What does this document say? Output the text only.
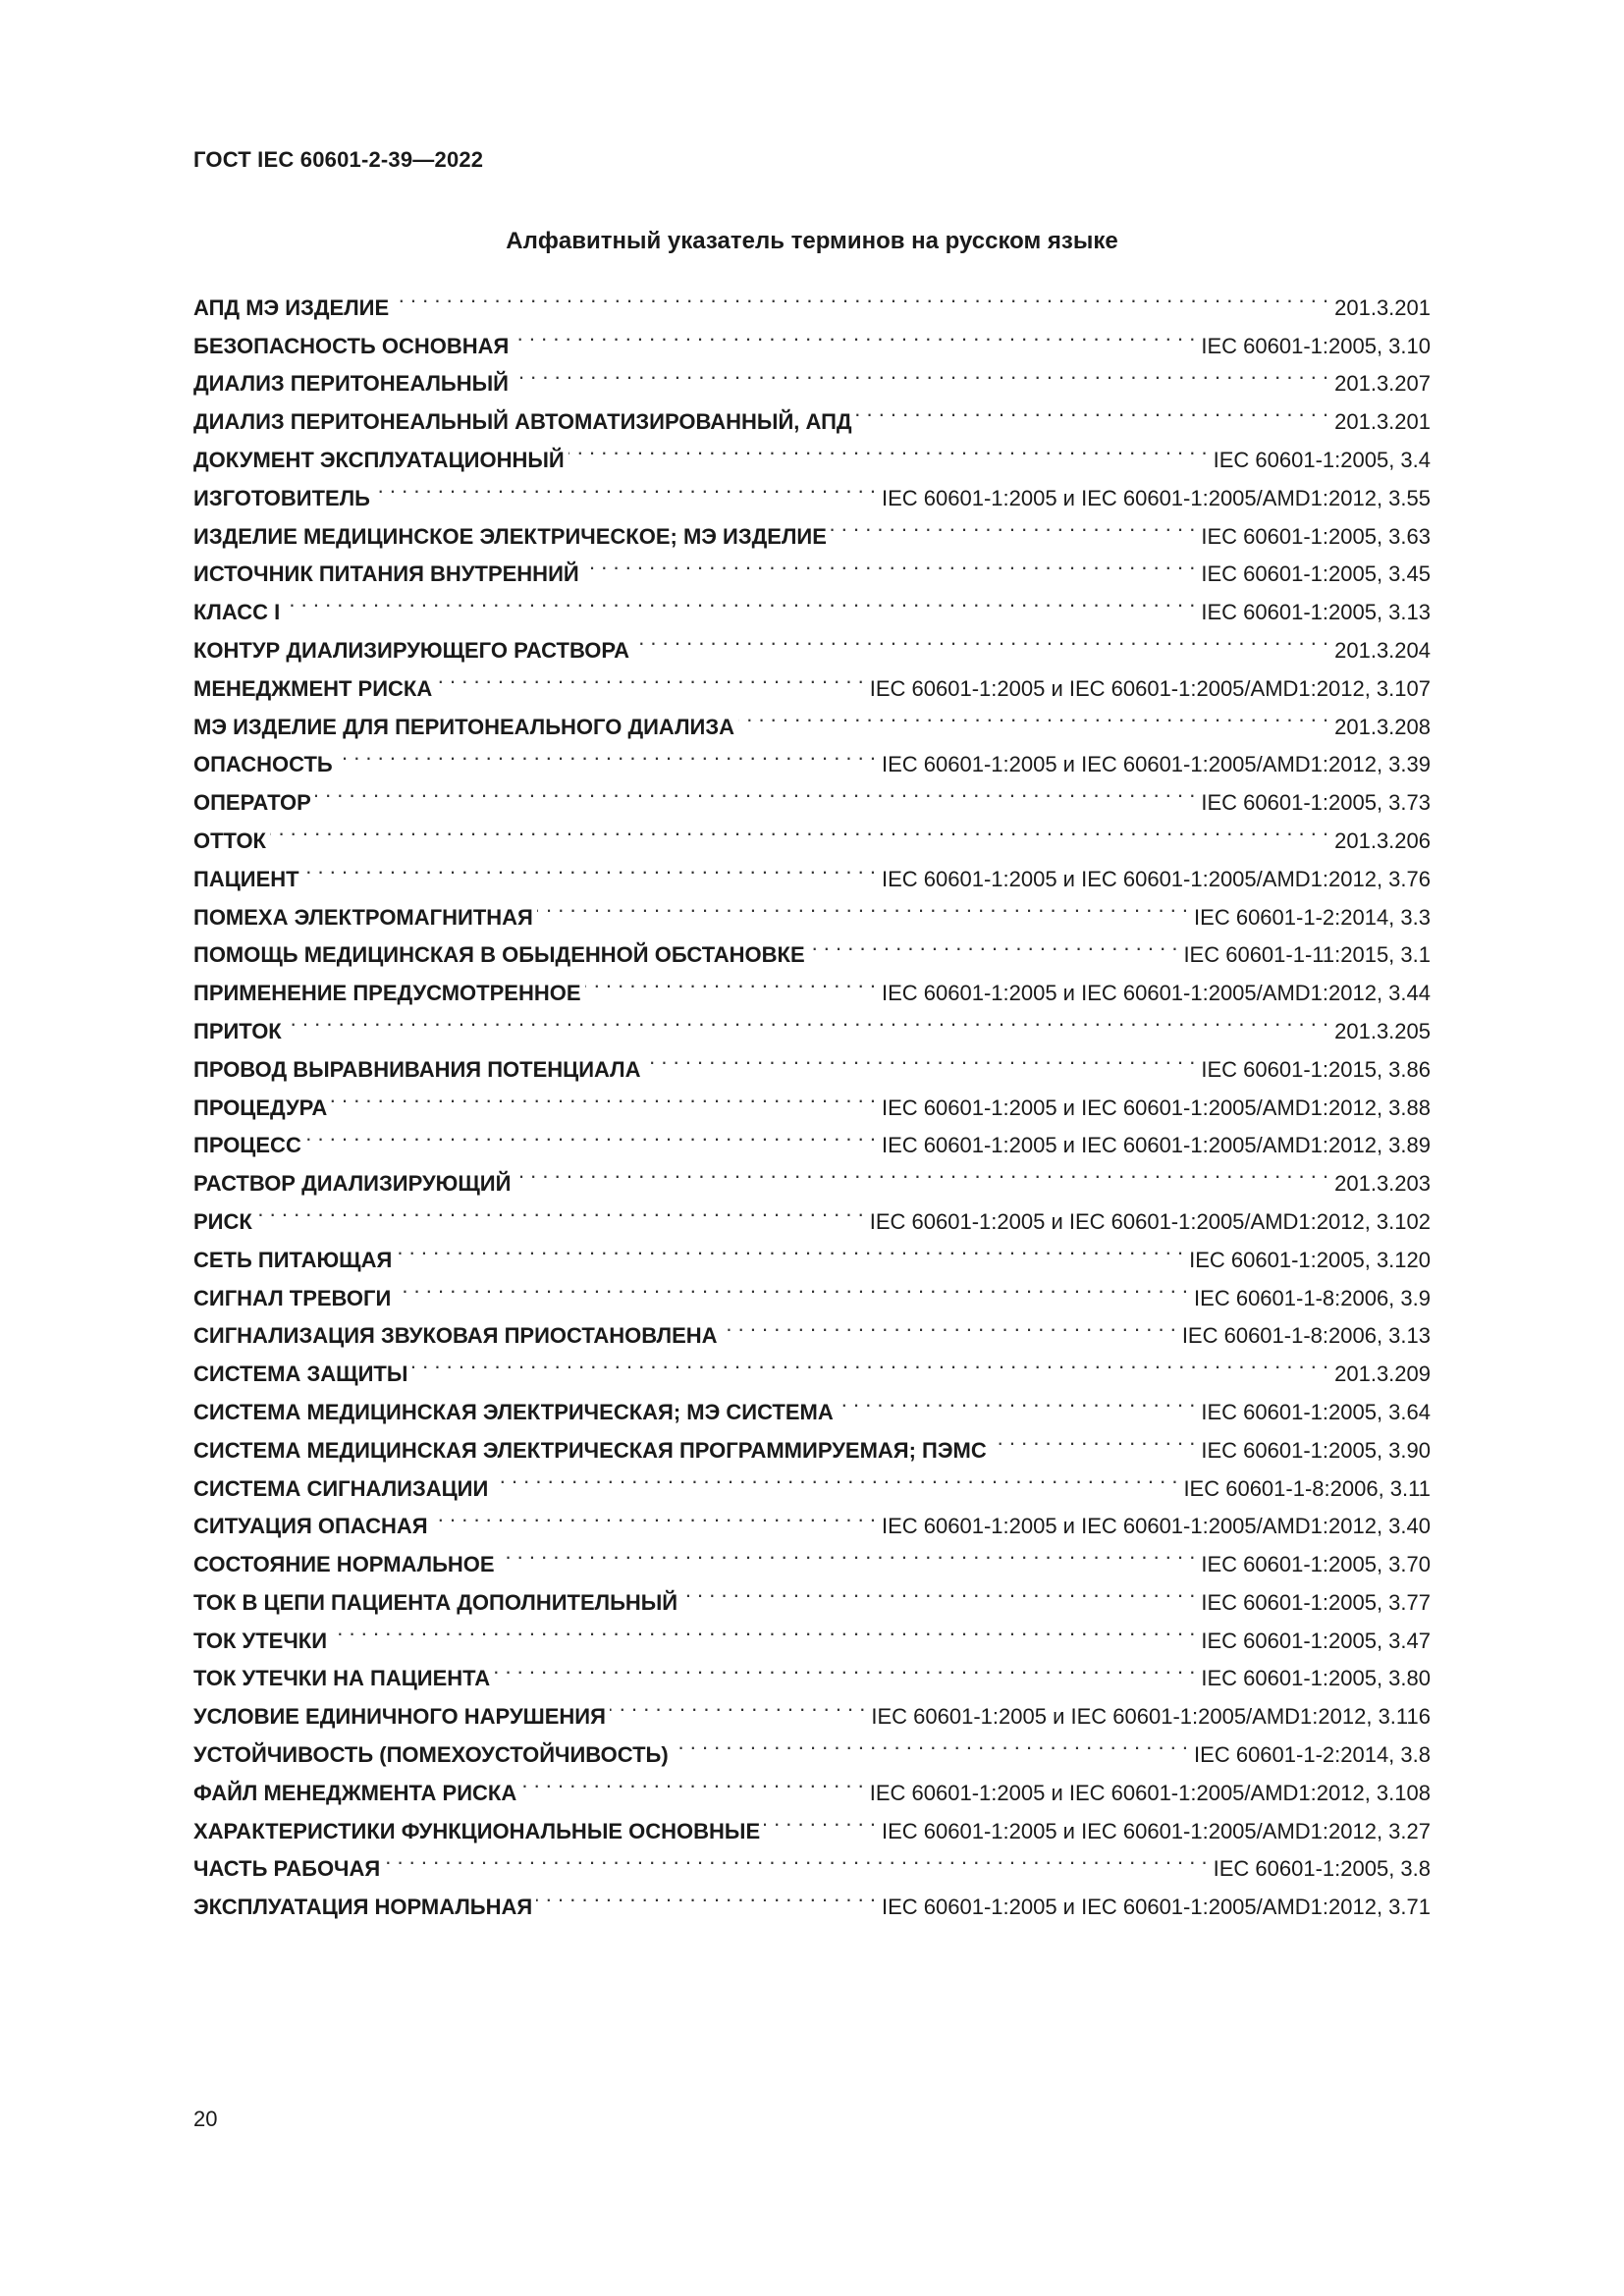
ГОСТ IEC 60601-2-39—2022
Алфавитный указатель терминов на русском языке
АПД МЭ ИЗДЕЛИЕ . . .	201.3.201
БЕЗОПАСНОСТЬ ОСНОВНАЯ . . .	IEC 60601-1:2005, 3.10
ДИАЛИЗ ПЕРИТОНЕАЛЬНЫЙ . . .	201.3.207
ДИАЛИЗ ПЕРИТОНЕАЛЬНЫЙ АВТОМАТИЗИРОВАННЫЙ, АПД . . .	201.3.201
ДОКУМЕНТ ЭКСПЛУАТАЦИОННЫЙ . . .	IEC 60601-1:2005, 3.4
ИЗГОТОВИТЕЛЬ . . .	IEC 60601-1:2005 и IEC 60601-1:2005/AMD1:2012, 3.55
ИЗДЕЛИЕ МЕДИЦИНСКОЕ ЭЛЕКТРИЧЕСКОЕ; МЭ ИЗДЕЛИЕ . . .	IEC 60601-1:2005, 3.63
ИСТОЧНИК ПИТАНИЯ ВНУТРЕННИЙ . . .	IEC 60601-1:2005, 3.45
КЛАСС I . . .	IEC 60601-1:2005, 3.13
КОНТУР ДИАЛИЗИРУЮЩЕГО РАСТВОРА . . .	201.3.204
МЕНЕДЖМЕНТ РИСКА . . .	IEC 60601-1:2005 и IEC 60601-1:2005/AMD1:2012, 3.107
МЭ ИЗДЕЛИЕ ДЛЯ ПЕРИТОНЕАЛЬНОГО ДИАЛИЗА . . .	201.3.208
ОПАСНОСТЬ . . .	IEC 60601-1:2005 и IEC 60601-1:2005/AMD1:2012, 3.39
ОПЕРАТОР . . .	IEC 60601-1:2005, 3.73
ОТТОК . . .	201.3.206
ПАЦИЕНТ . . .	IEC 60601-1:2005 и IEC 60601-1:2005/AMD1:2012, 3.76
ПОМЕХА ЭЛЕКТРОМАГНИТНАЯ . . .	IEC 60601-1-2:2014, 3.3
ПОМОЩЬ МЕДИЦИНСКАЯ В ОБЫДЕННОЙ ОБСТАНОВКЕ . . .	IEC 60601-1-11:2015, 3.1
ПРИМЕНЕНИЕ ПРЕДУСМОТРЕННОЕ . . .	IEC 60601-1:2005 и IEC 60601-1:2005/AMD1:2012, 3.44
ПРИТОК . . .	201.3.205
ПРОВОД ВЫРАВНИВАНИЯ ПОТЕНЦИАЛА . . .	IEC 60601-1:2015, 3.86
ПРОЦЕДУРА . . .	IEC 60601-1:2005 и IEC 60601-1:2005/AMD1:2012, 3.88
ПРОЦЕСС . . .	IEC 60601-1:2005 и IEC 60601-1:2005/AMD1:2012, 3.89
РАСТВОР ДИАЛИЗИРУЮЩИЙ . . .	201.3.203
РИСК . . .	IEC 60601-1:2005 и IEC 60601-1:2005/AMD1:2012, 3.102
СЕТЬ ПИТАЮЩАЯ . . .	IEC 60601-1:2005, 3.120
СИГНАЛ ТРЕВОГИ . . .	IEC 60601-1-8:2006, 3.9
СИГНАЛИЗАЦИЯ ЗВУКОВАЯ ПРИОСТАНОВЛЕНА . . .	IEC 60601-1-8:2006, 3.13
СИСТЕМА ЗАЩИТЫ . . .	201.3.209
СИСТЕМА МЕДИЦИНСКАЯ ЭЛЕКТРИЧЕСКАЯ; МЭ СИСТЕМА . . .	IEC 60601-1:2005, 3.64
СИСТЕМА МЕДИЦИНСКАЯ ЭЛЕКТРИЧЕСКАЯ ПРОГРАММИРУЕМАЯ; ПЭМС . . .	IEC 60601-1:2005, 3.90
СИСТЕМА СИГНАЛИЗАЦИИ . . .	IEC 60601-1-8:2006, 3.11
СИТУАЦИЯ ОПАСНАЯ . . .	IEC 60601-1:2005 и IEC 60601-1:2005/AMD1:2012, 3.40
СОСТОЯНИЕ НОРМАЛЬНОЕ . . .	IEC 60601-1:2005, 3.70
ТОК В ЦЕПИ ПАЦИЕНТА ДОПОЛНИТЕЛЬНЫЙ . . .	IEC 60601-1:2005, 3.77
ТОК УТЕЧКИ . . .	IEC 60601-1:2005, 3.47
ТОК УТЕЧКИ НА ПАЦИЕНТА . . .	IEC 60601-1:2005, 3.80
УСЛОВИЕ ЕДИНИЧНОГО НАРУШЕНИЯ . . .	IEC 60601-1:2005 и IEC 60601-1:2005/AMD1:2012, 3.116
УСТОЙЧИВОСТЬ (ПОМЕХОУСТОЙЧИВОСТЬ) . . .	IEC 60601-1-2:2014, 3.8
ФАЙЛ МЕНЕДЖМЕНТА РИСКА . . .	IEC 60601-1:2005 и IEC 60601-1:2005/AMD1:2012, 3.108
ХАРАКТЕРИСТИКИ ФУНКЦИОНАЛЬНЫЕ ОСНОВНЫЕ . . .	IEC 60601-1:2005 и IEC 60601-1:2005/AMD1:2012, 3.27
ЧАСТЬ РАБОЧАЯ . . .	IEC 60601-1:2005, 3.8
ЭКСПЛУАТАЦИЯ НОРМАЛЬНАЯ . . .	IEC 60601-1:2005 и IEC 60601-1:2005/AMD1:2012, 3.71
20
